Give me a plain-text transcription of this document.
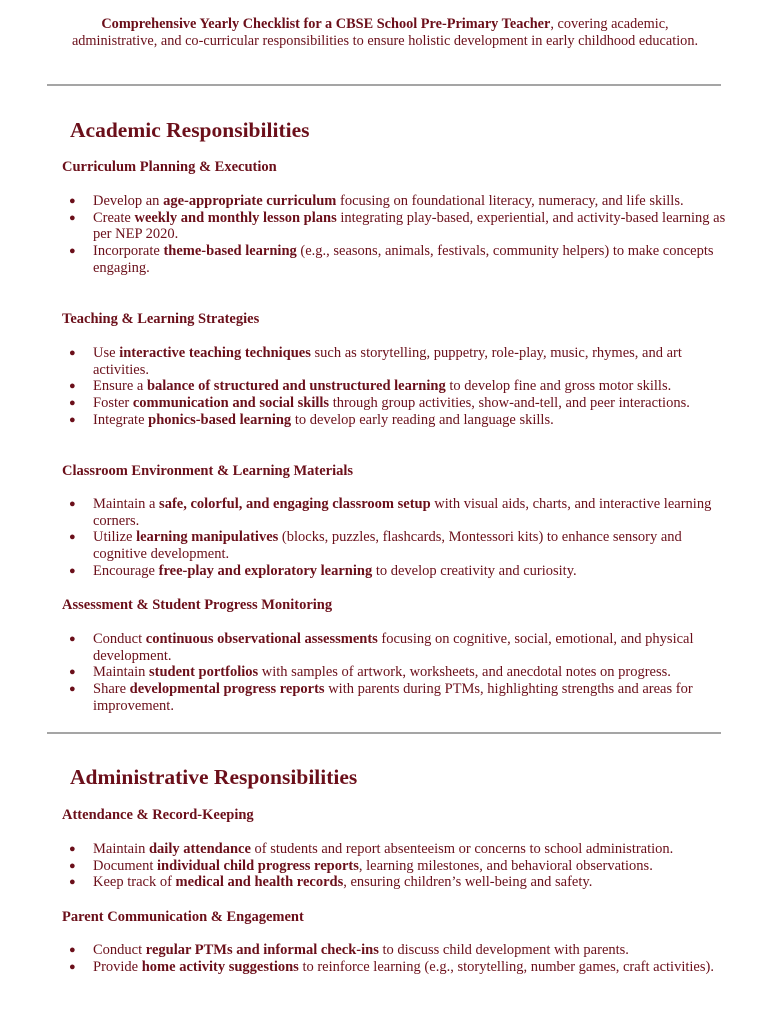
Comprehensive Yearly Checklist for a CBSE School Pre-Primary Teacher, covering academic, administrative, and co-curricular responsibilities to ensure holistic development in early childhood education.
Academic Responsibilities
Curriculum Planning & Execution
● Develop an age-appropriate curriculum focusing on foundational literacy, numeracy, and life skills.
● Create weekly and monthly lesson plans integrating play-based, experiential, and activity-based learning as per NEP 2020.
● Incorporate theme-based learning (e.g., seasons, animals, festivals, community helpers) to make concepts engaging.
Teaching & Learning Strategies
● Use interactive teaching techniques such as storytelling, puppetry, role-play, music, rhymes, and art activities.
● Ensure a balance of structured and unstructured learning to develop fine and gross motor skills.
● Foster communication and social skills through group activities, show-and-tell, and peer interactions.
● Integrate phonics-based learning to develop early reading and language skills.
Classroom Environment & Learning Materials
● Maintain a safe, colorful, and engaging classroom setup with visual aids, charts, and interactive learning corners.
● Utilize learning manipulatives (blocks, puzzles, flashcards, Montessori kits) to enhance sensory and cognitive development.
● Encourage free-play and exploratory learning to develop creativity and curiosity.
Assessment & Student Progress Monitoring
● Conduct continuous observational assessments focusing on cognitive, social, emotional, and physical development.
● Maintain student portfolios with samples of artwork, worksheets, and anecdotal notes on progress.
● Share developmental progress reports with parents during PTMs, highlighting strengths and areas for improvement.
Administrative Responsibilities
Attendance & Record-Keeping
● Maintain daily attendance of students and report absenteeism or concerns to school administration.
● Document individual child progress reports, learning milestones, and behavioral observations.
● Keep track of medical and health records, ensuring children’s well-being and safety.
Parent Communication & Engagement
● Conduct regular PTMs and informal check-ins to discuss child development with parents.
● Provide home activity suggestions to reinforce learning (e.g., storytelling, number games, craft activities).
